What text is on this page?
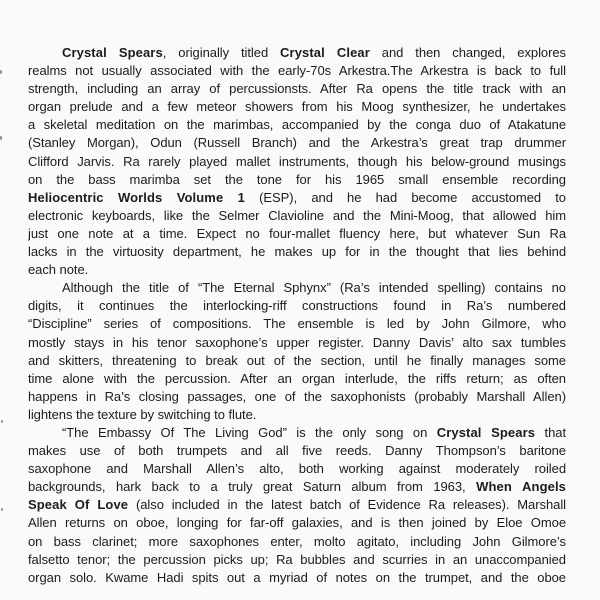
Crystal Spears, originally titled Crystal Clear and then changed, explores
realms not usually associated with the early-70s Arkestra.The Arkestra is back to full
strength, including an array of percussionsts. After Ra opens the title track with an
organ prelude and a few meteor showers from his Moog synthesizer, he undertakes
a skeletal meditation on the marimbas, accompanied by the conga duo of Atakatune
(Stanley Morgan), Odun (Russell Branch) and the Arkestra’s great trap drummer
Clifford Jarvis. Ra rarely played mallet instruments, though his below-ground musings
on the bass marimba set the tone for his 1965 small ensemble recording
Heliocentric Worlds Volume 1 (ESP), and he had become accustomed to
electronic keyboards, like the Selmer Clavioline and the Mini-Moog, that allowed him
just one note at a time. Expect no four-mallet fluency here, but whatever Sun Ra
lacks in the virtuosity department, he makes up for in the thought that lies behind
each note.
Although the title of “The Eternal Sphynx” (Ra’s intended spelling) contains no
digits, it continues the interlocking-riff constructions found in Ra’s numbered
“Discipline” series of compositions. The ensemble is led by John Gilmore, who
mostly stays in his tenor saxophone’s upper register. Danny Davis’ alto sax tumbles
and skitters, threatening to break out of the section, until he finally manages some
time alone with the percussion. After an organ interlude, the riffs return; as often
happens in Ra’s closing passages, one of the saxophonists (probably Marshall Allen)
lightens the texture by switching to flute.
“The Embassy Of The Living God” is the only song on Crystal Spears that
makes use of both trumpets and all five reeds. Danny Thompson’s baritone
saxophone and Marshall Allen’s alto, both working against moderately roiled
backgrounds, hark back to a truly great Saturn album from 1963, When Angels
Speak Of Love (also included in the latest batch of Evidence Ra releases). Marshall
Allen returns on oboe, longing for far-off galaxies, and is then joined by Eloe Omoe
on bass clarinet; more saxophones enter, molto agitato, including John Gilmore’s
falsetto tenor; the percussion picks up; Ra bubbles and scurries in an unaccompanied
organ solo. Kwame Hadi spits out a myriad of notes on the trumpet, and the oboe
